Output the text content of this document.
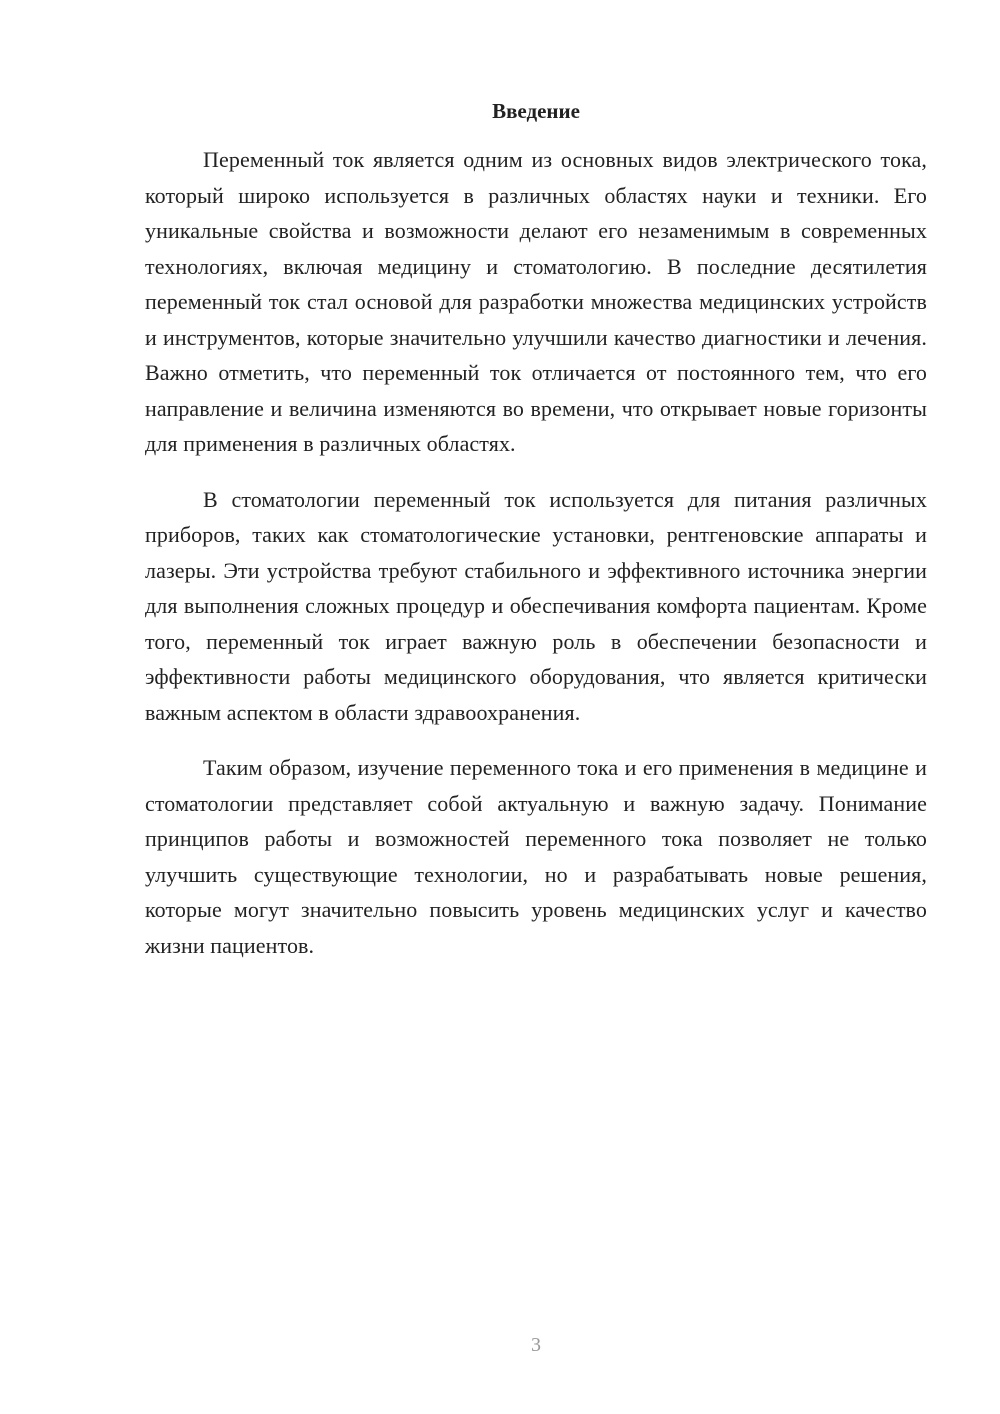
Введение

Переменный ток является одним из основных видов электрического тока, который широко используется в различных областях науки и техники. Его уникальные свойства и возможности делают его незаменимым в современных технологиях, включая медицину и стоматологию. В последние десятилетия переменный ток стал основой для разработки множества медицинских устройств и инструментов, которые значительно улучшили качество диагностики и лечения. Важно отметить, что переменный ток отличается от постоянного тем, что его направление и величина изменяются во времени, что открывает новые горизонты для применения в различных областях.

В стоматологии переменный ток используется для питания различных приборов, таких как стоматологические установки, рентгеновские аппараты и лазеры. Эти устройства требуют стабильного и эффективного источника энергии для выполнения сложных процедур и обеспечивания комфорта пациентам. Кроме того, переменный ток играет важную роль в обеспечении безопасности и эффективности работы медицинского оборудования, что является критически важным аспектом в области здравоохранения.

Таким образом, изучение переменного тока и его применения в медицине и стоматологии представляет собой актуальную и важную задачу. Понимание принципов работы и возможностей переменного тока позволяет не только улучшить существующие технологии, но и разрабатывать новые решения, которые могут значительно повысить уровень медицинских услуг и качество жизни пациентов.

3
